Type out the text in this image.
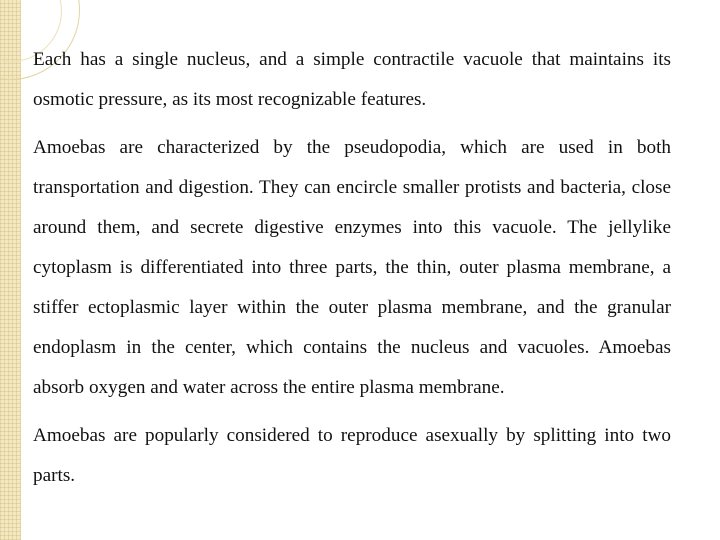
Each has a single nucleus, and a simple contractile vacuole that maintains its osmotic pressure, as its most recognizable features.

Amoebas are characterized by the pseudopodia, which are used in both transportation and digestion. They can encircle smaller protists and bacteria, close around them, and secrete digestive enzymes into this vacuole. The jellylike cytoplasm is differentiated into three parts, the thin, outer plasma membrane, a stiffer ectoplasmic layer within the outer plasma membrane, and the granular endoplasm in the center, which contains the nucleus and vacuoles. Amoebas absorb oxygen and water across the entire plasma membrane.

Amoebas are popularly considered to reproduce asexually by splitting into two parts.
